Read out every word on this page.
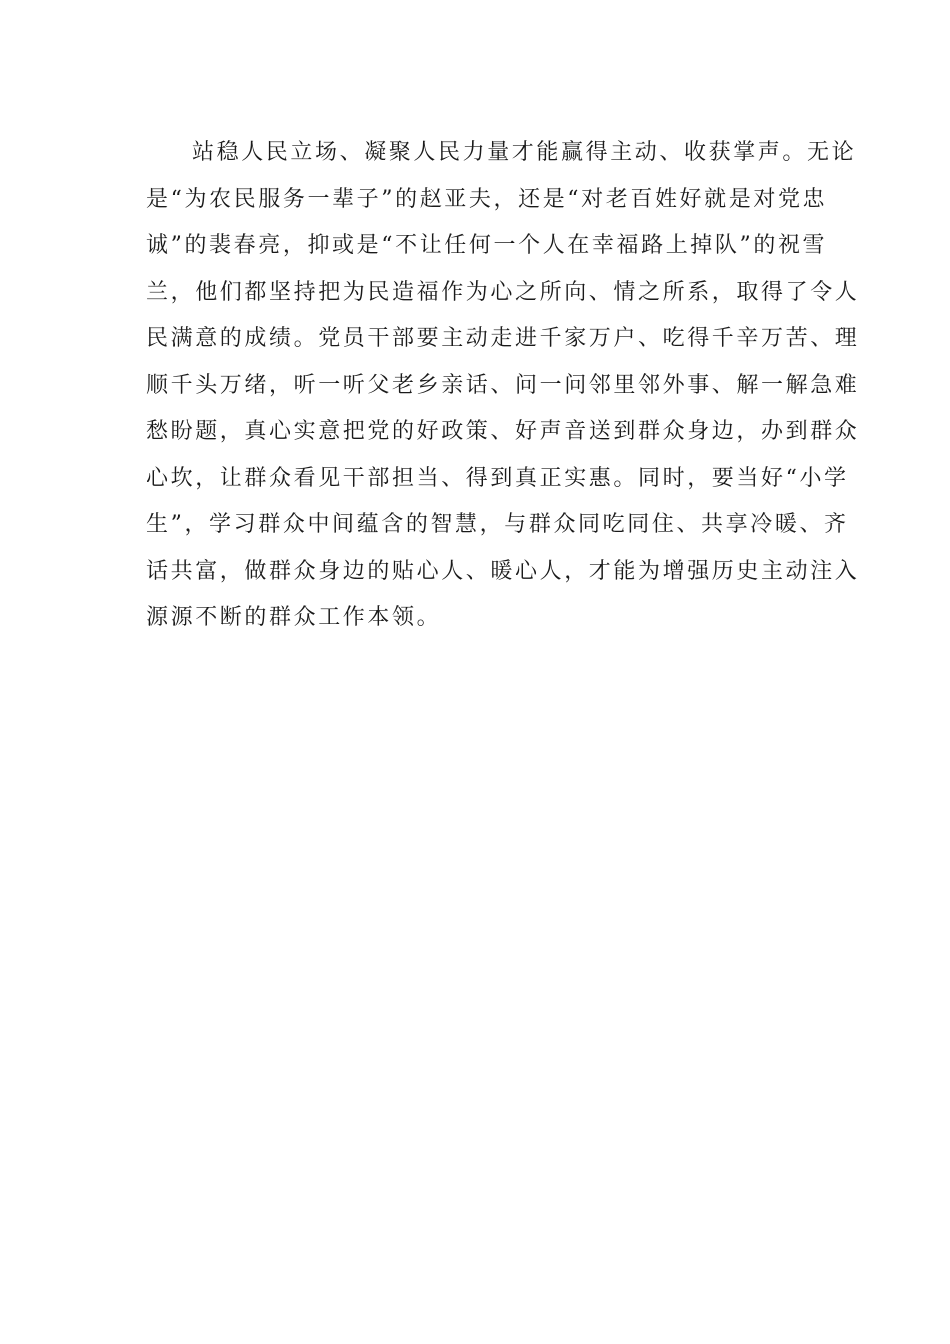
站稳人民立场、凝聚人民力量才能赢得主动、收获掌声。无论
是“为农民服务一辈子”的赵亚夫，还是“对老百姓好就是对党忠
诚”的裴春亮，抑或是“不让任何一个人在幸福路上掉队”的祝雪
兰，他们都坚持把为民造福作为心之所向、情之所系，取得了令人
民满意的成绩。党员干部要主动走进千家万户、吃得千辛万苦、理
顺千头万绪，听一听父老乡亲话、问一问邻里邻外事、解一解急难
愁盼题，真心实意把党的好政策、好声音送到群众身边，办到群众
心坎，让群众看见干部担当、得到真正实惠。同时，要当好“小学
生”，学习群众中间蕴含的智慧，与群众同吃同住、共享冷暖、齐
话共富，做群众身边的贴心人、暖心人，才能为增强历史主动注入
源源不断的群众工作本领。
